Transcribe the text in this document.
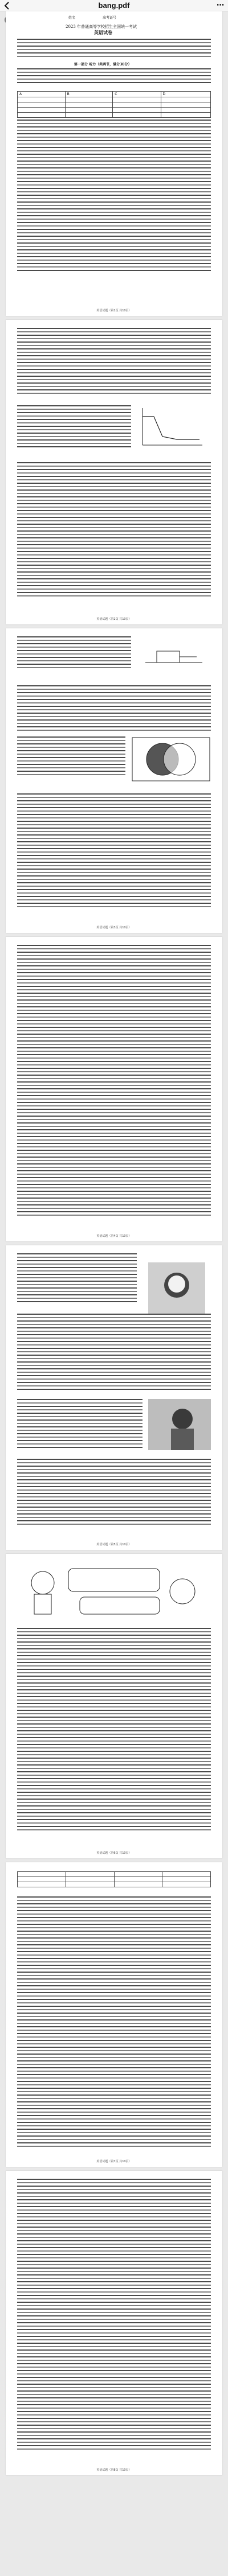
bang.pdf	⋯
姓名	准考证号
2023 年普通高等学校招生全国统一考试
英语试卷
第一部分 听力（共两节，满分30分）
A	B	C	D

英语试题（第1页 共10页）
英语试题（第2页 共10页）
英语试题（第3页 共10页）
英语试题（第4页 共10页）
英语试题（第5页 共10页）
英语试题（第6页 共10页）

英语试题（第7页 共10页）
英语试题（第8页 共10页）
